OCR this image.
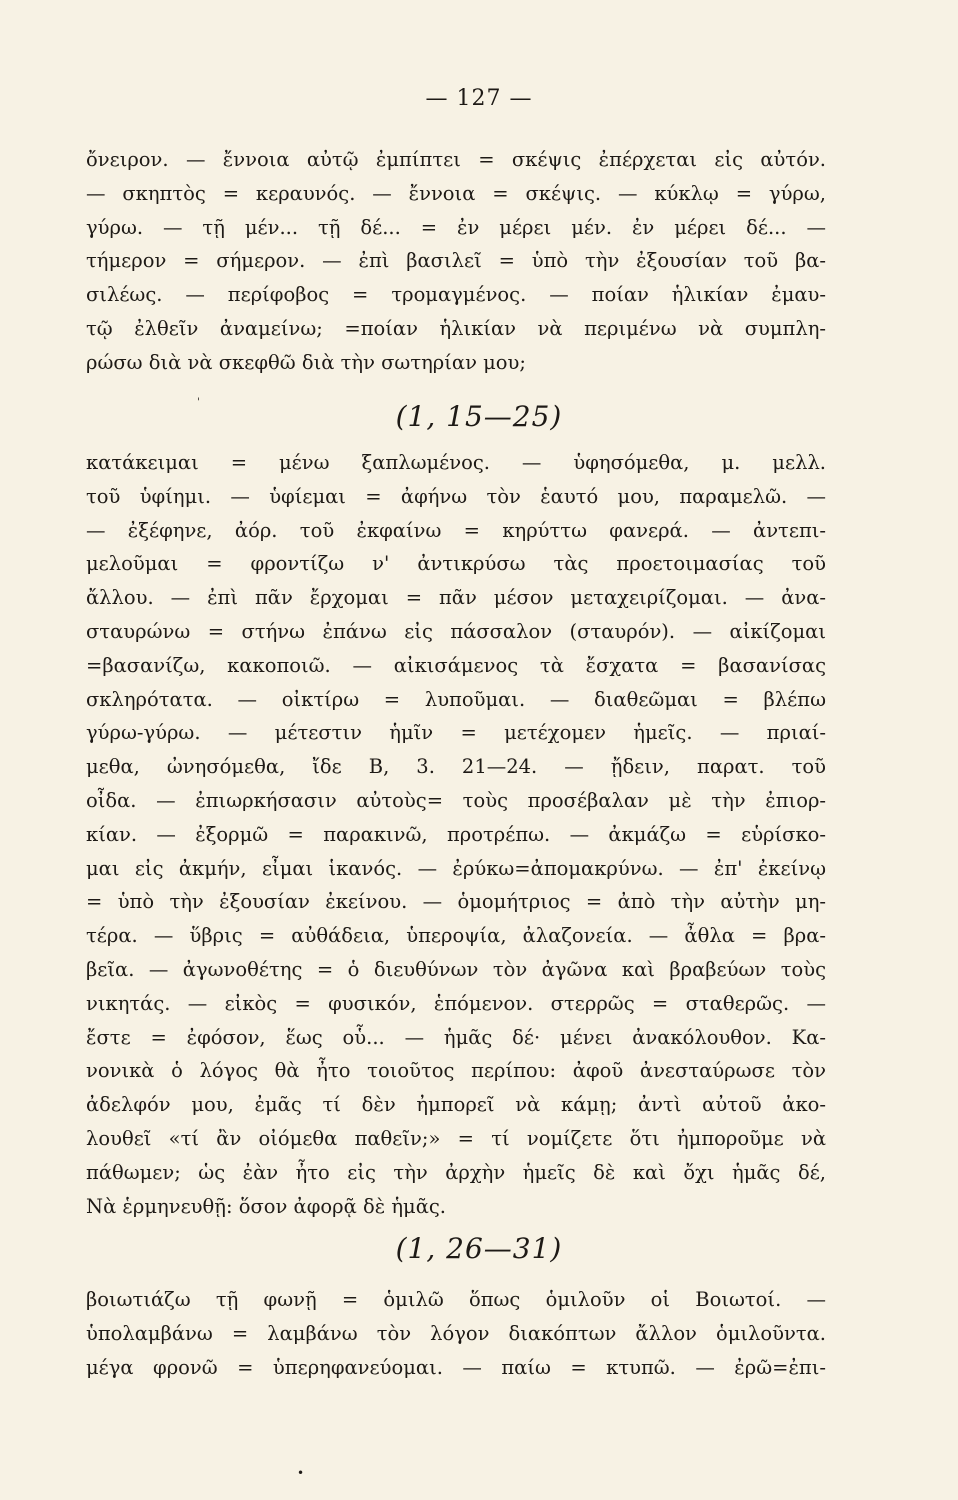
— 127 —
ὄνειρον. — ἔννοια αὐτῷ ἐμπίπτει = σκέψις ἐπέρχεται εἰς αὐτόν.
— σκηπτὸς = κεραυνός. — ἔννοια = σκέψις. — κύκλῳ = γύρω,
γύρω. — τῇ μέν... τῇ δέ... = ἐν μέρει μέν. ἐν μέρει δέ... —
τήμερον = σήμερον. — ἐπὶ βασιλεῖ = ὑπὸ τὴν ἐξουσίαν τοῦ βα-
σιλέως. — περίφοβος = τρομαγμένος. — ποίαν ἡλικίαν ἐμαυ-
τῷ ἐλθεῖν ἀναμείνω; =ποίαν ἡλικίαν νὰ περιμένω νὰ συμπλη-
ρώσω διὰ νὰ σκεφθῶ διὰ τὴν σωτηρίαν μου;
'	(1, 15—25)
κατάκειμαι = μένω ξαπλωμένος. — ὑφησόμεθα, μ. μελλ.
τοῦ ὑφίημι. — ὑφίεμαι = ἀφήνω τὸν ἑαυτό μου, παραμελῶ. —
— ἐξέφηνε, ἀόρ. τοῦ ἐκφαίνω = κηρύττω φανερά. — ἀντεπι-
μελοῦμαι = φροντίζω ν' ἀντικρύσω τὰς προετοιμασίας τοῦ
ἄλλου. — ἐπὶ πᾶν ἔρχομαι = πᾶν μέσον μεταχειρίζομαι. — ἀνα-
σταυρώνω = στήνω ἐπάνω εἰς πάσσαλον (σταυρόν). — αἰκίζομαι
=βασανίζω, κακοποιῶ. — αἰκισάμενος τὰ ἔσχατα = βασανίσας
σκληρότατα. — οἰκτίρω = λυποῦμαι. — διαθεῶμαι = βλέπω
γύρω-γύρω. — μέτεστιν ἡμῖν = μετέχομεν ἡμεῖς. — πριαί-
μεθα, ὠνησόμεθα, ἴδε Β, 3. 21—24. — ᾔδειν, παρατ. τοῦ
οἶδα. — ἐπιωρκήσασιν αὐτοὺς= τοὺς προσέβαλαν μὲ τὴν ἐπιορ-
κίαν. — ἐξορμῶ = παρακινῶ, προτρέπω. — ἀκμάζω = εὑρίσκο-
μαι εἰς ἀκμήν, εἶμαι ἱκανός. — ἐρύκω=ἀπομακρύνω. — ἐπ' ἐκείνῳ
= ὑπὸ τὴν ἐξουσίαν ἐκείνου. — ὁμομήτριος = ἀπὸ τὴν αὐτὴν μη-
τέρα. — ὕβρις = αὐθάδεια, ὑπεροψία, ἀλαζονεία. — ἆθλα = βρα-
βεῖα. — ἀγωνοθέτης = ὁ διευθύνων τὸν ἀγῶνα καὶ βραβεύων τοὺς
νικητάς. — εἰκὸς = φυσικόν, ἑπόμενον. στερρῶς = σταθερῶς. —
ἔστε = ἐφόσον, ἕως οὗ... — ἡμᾶς δέ· μένει ἀνακόλουθον. Κα-
νονικὰ ὁ λόγος θὰ ἦτο τοιοῦτος περίπου: ἀφοῦ ἀνεσταύρωσε τὸν
ἀδελφόν μου, ἐμᾶς τί δὲν ἠμπορεῖ νὰ κάμῃ; ἀντὶ αὐτοῦ ἀκο-
λουθεῖ «τί ἂν οἰόμεθα παθεῖν;» = τί νομίζετε ὅτι ἠμποροῦμε νὰ
πάθωμεν; ὡς ἐὰν ἦτο εἰς τὴν ἀρχὴν ἡμεῖς δὲ καὶ ὄχι ἡμᾶς δέ,
Νὰ ἑρμηνευθῇ: ὅσον ἀφορᾷ δὲ ἡμᾶς.
(1, 26—31)
βοιωτιάζω τῇ φωνῇ = ὁμιλῶ ὅπως ὁμιλοῦν οἱ Βοιωτοί. —
ὑπολαμβάνω = λαμβάνω τὸν λόγον διακόπτων ἄλλον ὁμιλοῦντα.
μέγα φρονῶ = ὑπερηφανεύομαι. — παίω = κτυπῶ. — ἐρῶ=ἐπι-
•
